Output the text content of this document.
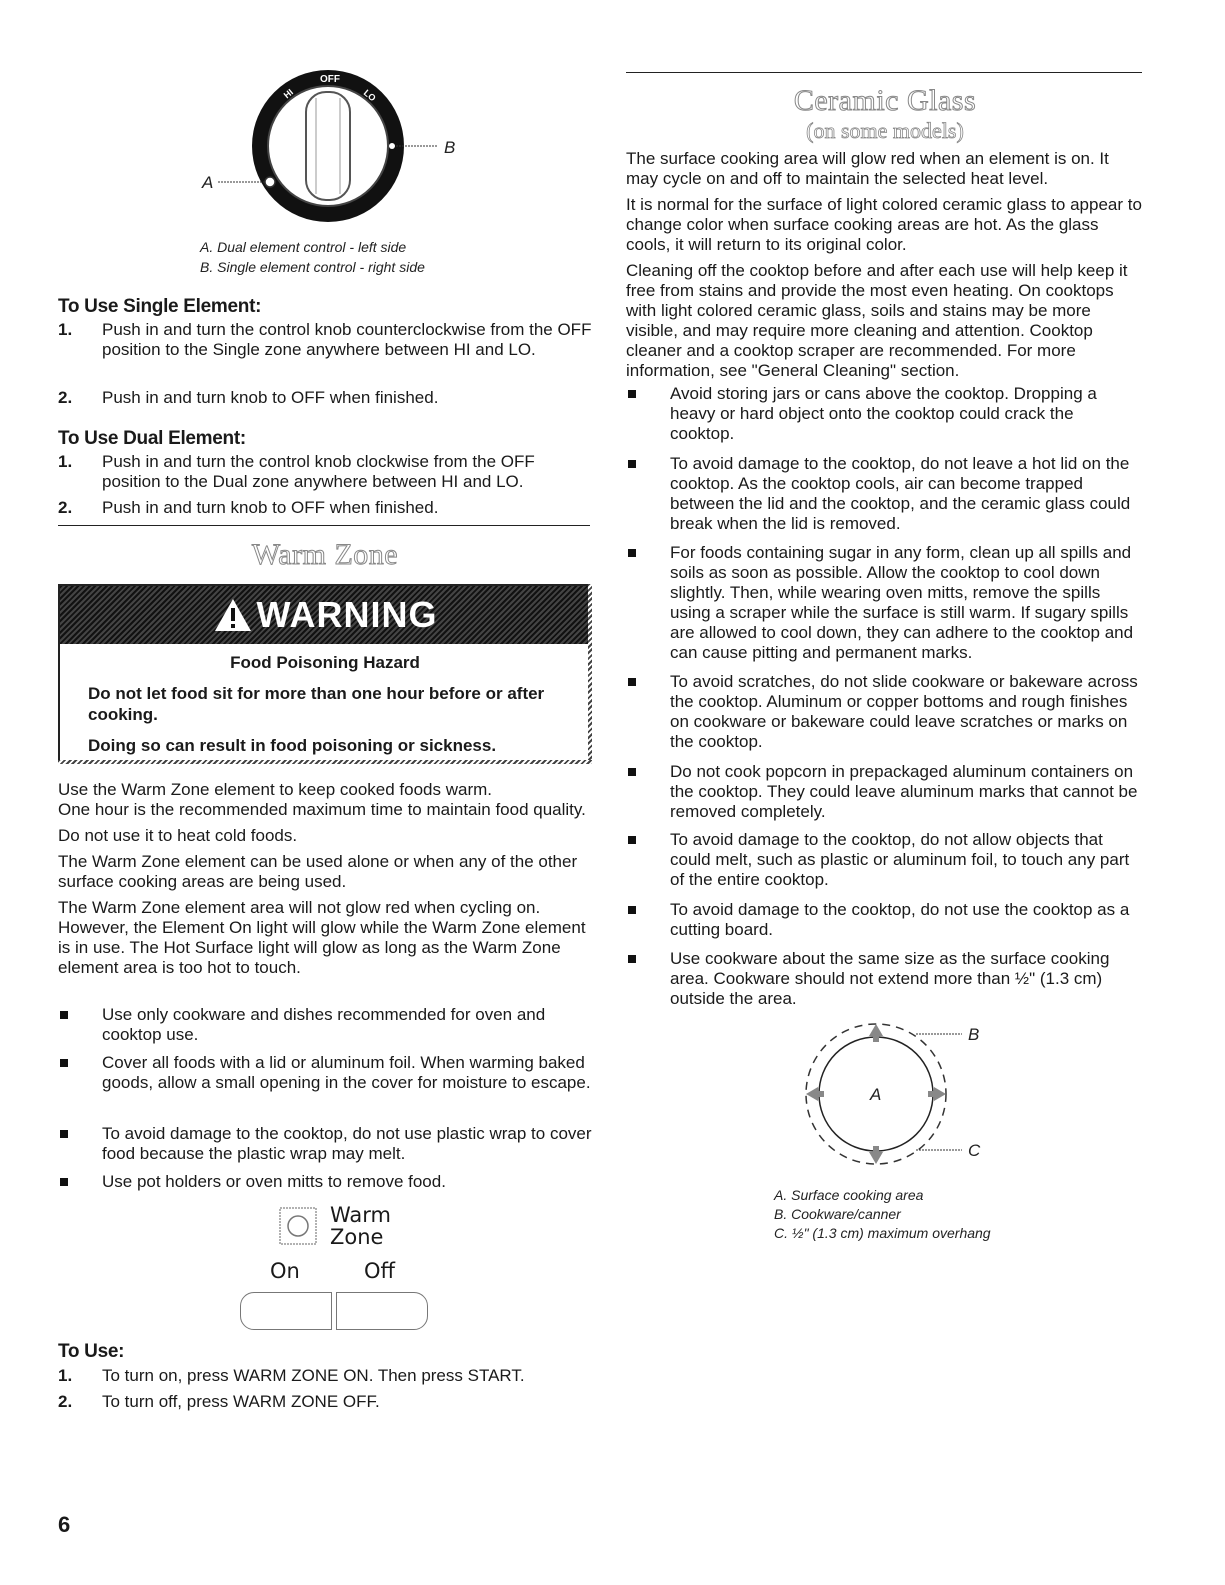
B
A
OFF
HI	LO
A. Dual element control - left side
B. Single element control - right side
To Use Single Element:
1. Push in and turn the control knob counterclockwise from the OFF position to the Single zone anywhere between HI and LO.
2. Push in and turn knob to OFF when finished.
To Use Dual Element:
1. Push in and turn the control knob clockwise from the OFF position to the Dual zone anywhere between HI and LO.
2. Push in and turn knob to OFF when finished.
Warm Zone
WARNING
Food Poisoning Hazard
Do not let food sit for more than one hour before or after cooking.
Doing so can result in food poisoning or sickness.

Use the Warm Zone element to keep cooked foods warm.

One hour is the recommended maximum time to maintain food quality.

Do not use it to heat cold foods.

The Warm Zone element can be used alone or when any of the other surface cooking areas are being used.

The Warm Zone element area will not glow red when cycling on. However, the Element On light will glow while the Warm Zone element is in use. The Hot Surface light will glow as long as the Warm Zone element area is too hot to touch.

Use only cookware and dishes recommended for oven and cooktop use.
Cover all foods with a lid or aluminum foil. When warming baked goods, allow a small opening in the cover for moisture to escape.
To avoid damage to the cooktop, do not use plastic wrap to cover food because the plastic wrap may melt.
Use pot holders or oven mitts to remove food.
Warm
Zone
On	Off
To Use:
1. To turn on, press WARM ZONE ON. Then press START.
2. To turn off, press WARM ZONE OFF.
6
Ceramic Glass
(on some models)

The surface cooking area will glow red when an element is on. It may cycle on and off to maintain the selected heat level.

It is normal for the surface of light colored ceramic glass to appear to change color when surface cooking areas are hot. As the glass cools, it will return to its original color.

Cleaning off the cooktop before and after each use will help keep it free from stains and provide the most even heating. On cooktops with light colored ceramic glass, soils and stains may be more visible, and may require more cleaning and attention. Cooktop cleaner and a cooktop scraper are recommended. For more information, see "General Cleaning" section.

Avoid storing jars or cans above the cooktop. Dropping a heavy or hard object onto the cooktop could crack the cooktop.
To avoid damage to the cooktop, do not leave a hot lid on the cooktop. As the cooktop cools, air can become trapped between the lid and the cooktop, and the ceramic glass could break when the lid is removed.
For foods containing sugar in any form, clean up all spills and soils as soon as possible. Allow the cooktop to cool down slightly. Then, while wearing oven mitts, remove the spills using a scraper while the surface is still warm. If sugary spills are allowed to cool down, they can adhere to the cooktop and can cause pitting and permanent marks.
To avoid scratches, do not slide cookware or bakeware across the cooktop. Aluminum or copper bottoms and rough finishes on cookware or bakeware could leave scratches or marks on the cooktop.
Do not cook popcorn in prepackaged aluminum containers on the cooktop. They could leave aluminum marks that cannot be removed completely.
To avoid damage to the cooktop, do not allow objects that could melt, such as plastic or aluminum foil, to touch any part of the entire cooktop.
To avoid damage to the cooktop, do not use the cooktop as a cutting board.
Use cookware about the same size as the surface cooking area. Cookware should not extend more than ½" (1.3 cm) outside the area.
A
B
C
A. Surface cooking area
B. Cookware/canner
C. ½" (1.3 cm) maximum overhang
